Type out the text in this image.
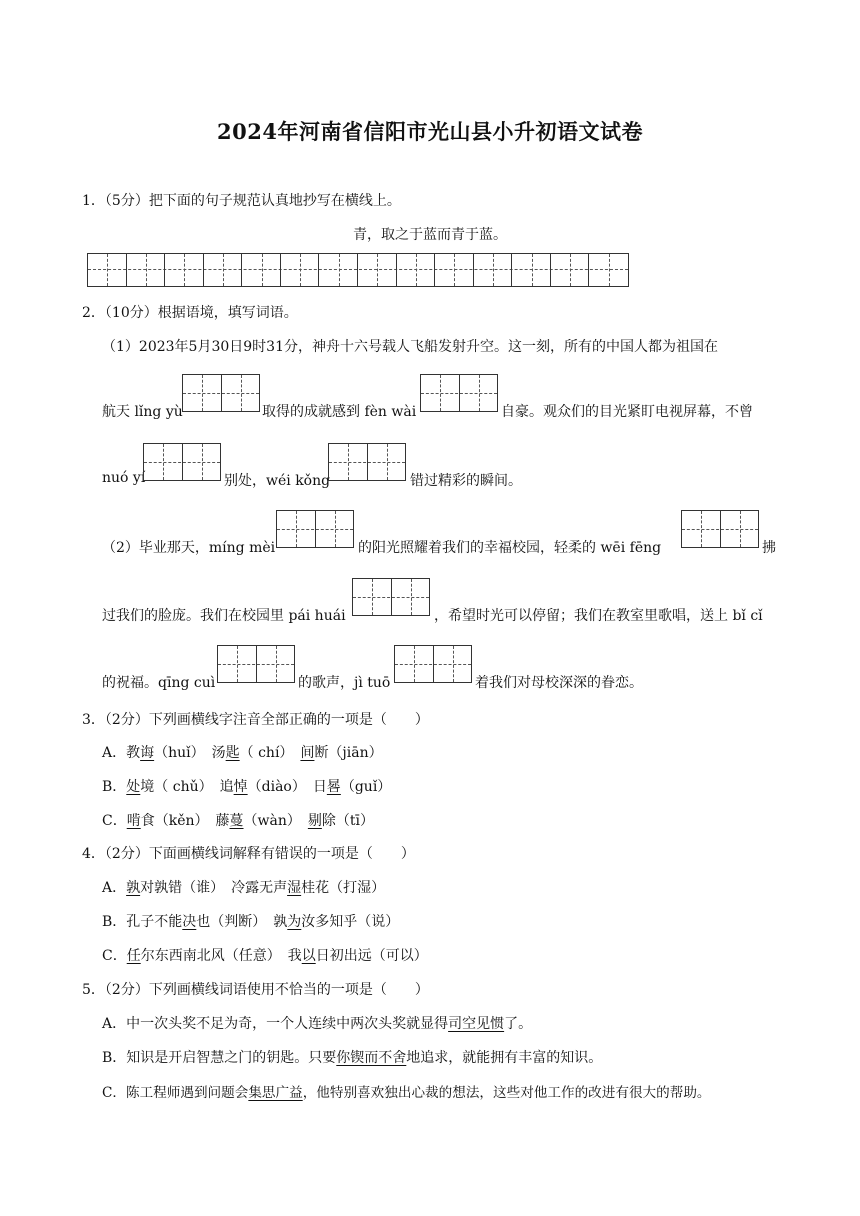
2024年河南省信阳市光山县小升初语文试卷
1．（5分）把下面的句子规范认真地抄写在横线上。
青，取之于蓝而青于蓝。
2．（10分）根据语境，填写词语。
（1）2023年5月30日9时31分，神舟十六号载人飞船发射升空。这一刻，所有的中国人都为祖国在
航天 lǐng yù	取得的成就感到 fèn wài	自豪。观众们的目光紧盯电视屏幕，不曾
nuó yí	别处，wéi kǒng	错过精彩的瞬间。
（2）毕业那天，míng mèi	的阳光照耀着我们的幸福校园，轻柔的 wēi fēng	拂
过我们的脸庞。我们在校园里 pái huái	，希望时光可以停留；我们在教室里歌唱，送上 bǐ cǐ
的祝福。qīng cuì	的歌声，jì tuō	着我们对母校深深的眷恋。
3．（2分）下列画横线字注音全部正确的一项是（　　）
A．教诲（huǐ）　汤匙（ chí）　间断（jiān）
B．处境（ chǔ）　追悼（diào）　日晷（guǐ）
C．啃食（kěn）　藤蔓（wàn）　剔除（tī）
4．（2分）下面画横线词解释有错误的一项是（　　）
A．孰对孰错（谁）　冷露无声湿桂花（打湿）
B．孔子不能决也（判断）　孰为汝多知乎（说）
C．任尔东西南北风（任意）　我以日初出远（可以）
5．（2分）下列画横线词语使用不恰当的一项是（　　）
A．中一次头奖不足为奇，一个人连续中两次头奖就显得司空见惯了。
B．知识是开启智慧之门的钥匙。只要你锲而不舍地追求，就能拥有丰富的知识。
C．陈工程师遇到问题会集思广益，他特别喜欢独出心裁的想法，这些对他工作的改进有很大的帮助。
